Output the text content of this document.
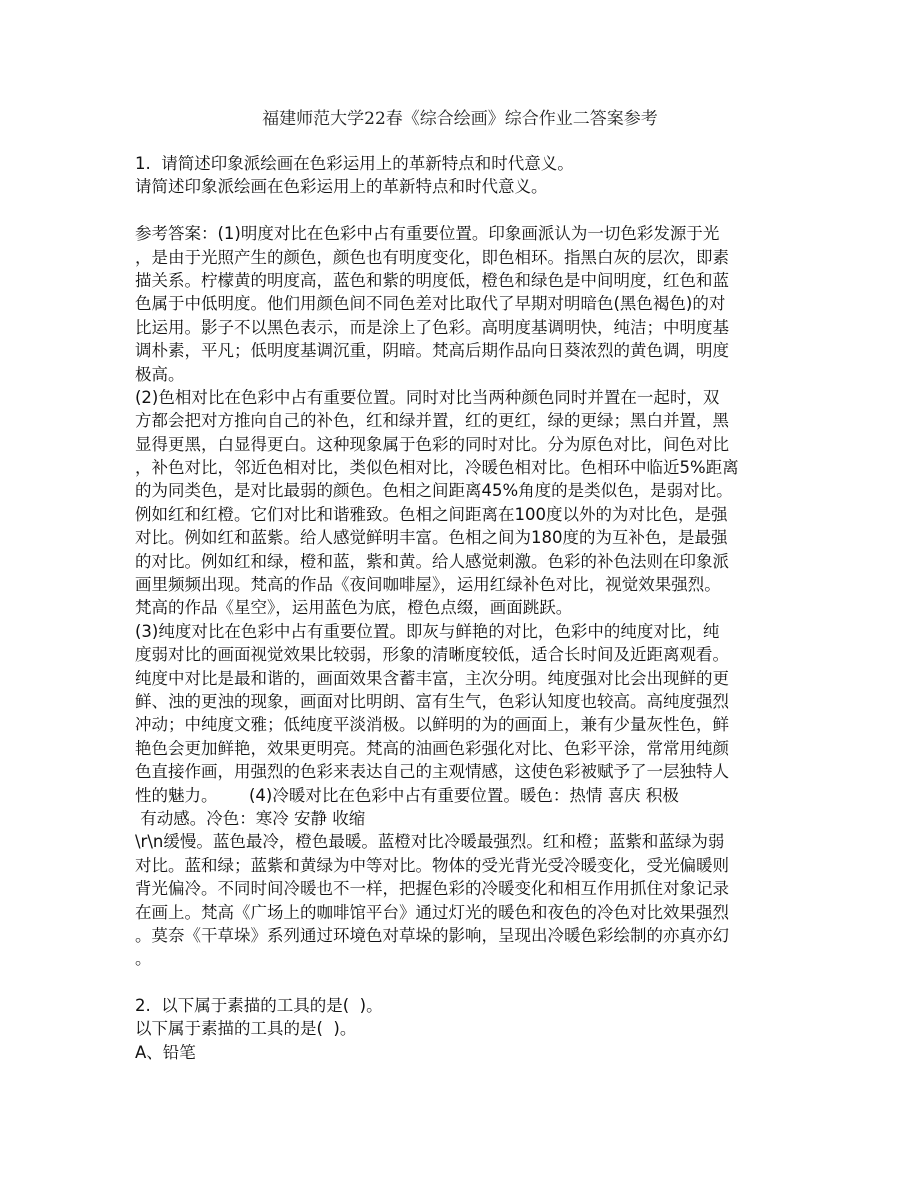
福建师范大学22春《综合绘画》综合作业二答案参考
1.  请简述印象派绘画在色彩运用上的革新特点和时代意义。
请简述印象派绘画在色彩运用上的革新特点和时代意义。
参考答案：(1)明度对比在色彩中占有重要位置。印象画派认为一切色彩发源于光
，是由于光照产生的颜色，颜色也有明度变化，即色相环。指黑白灰的层次，即素
描关系。柠檬黄的明度高，蓝色和紫的明度低，橙色和绿色是中间明度，红色和蓝
色属于中低明度。他们用颜色间不同色差对比取代了早期对明暗色(黑色褐色)的对
比运用。影子不以黑色表示，而是涂上了色彩。高明度基调明快，纯洁；中明度基
调朴素，平凡；低明度基调沉重，阴暗。梵高后期作品向日葵浓烈的黄色调，明度
极高。
(2)色相对比在色彩中占有重要位置。同时对比当两种颜色同时并置在一起时，双
方都会把对方推向自己的补色，红和绿并置，红的更红，绿的更绿；黑白并置，黑
显得更黑，白显得更白。这种现象属于色彩的同时对比。分为原色对比，间色对比
，补色对比，邻近色相对比，类似色相对比，冷暖色相对比。色相环中临近5%距离
的为同类色，是对比最弱的颜色。色相之间距离45%角度的是类似色，是弱对比。
例如红和红橙。它们对比和谐雅致。色相之间距离在100度以外的为对比色，是强
对比。例如红和蓝紫。给人感觉鲜明丰富。色相之间为180度的为互补色，是最强
的对比。例如红和绿，橙和蓝，紫和黄。给人感觉刺激。色彩的补色法则在印象派
画里频频出现。梵高的作品《夜间咖啡屋》，运用红绿补色对比，视觉效果强烈。
梵高的作品《星空》，运用蓝色为底，橙色点缀，画面跳跃。
(3)纯度对比在色彩中占有重要位置。即灰与鲜艳的对比，色彩中的纯度对比，纯
度弱对比的画面视觉效果比较弱，形象的清晰度较低，适合长时间及近距离观看。
纯度中对比是最和谐的，画面效果含蓄丰富，主次分明。纯度强对比会出现鲜的更
鲜、浊的更浊的现象，画面对比明朗、富有生气，色彩认知度也较高。高纯度强烈
冲动；中纯度文雅；低纯度平淡消极。以鲜明的为的画面上，兼有少量灰性色，鲜
艳色会更加鲜艳，效果更明亮。梵高的油画色彩强化对比、色彩平涂，常常用纯颜
色直接作画，用强烈的色彩来表达自己的主观情感，这使色彩被赋予了一层独特人
性的魅力。      (4)冷暖对比在色彩中占有重要位置。暖色：热情 喜庆 积极
有动感。冷色：寒冷 安静 收缩
\r\n缓慢。蓝色最冷，橙色最暖。蓝橙对比冷暖最强烈。红和橙；蓝紫和蓝绿为弱
对比。蓝和绿；蓝紫和黄绿为中等对比。物体的受光背光受冷暖变化，受光偏暖则
背光偏冷。不同时间冷暖也不一样，把握色彩的冷暖变化和相互作用抓住对象记录
在画上。梵高《广场上的咖啡馆平台》通过灯光的暖色和夜色的冷色对比效果强烈
。莫奈《干草垛》系列通过环境色对草垛的影响，呈现出冷暖色彩绘制的亦真亦幻
。
2.  以下属于素描的工具的是(  )。
以下属于素描的工具的是(  )。
A、铅笔
